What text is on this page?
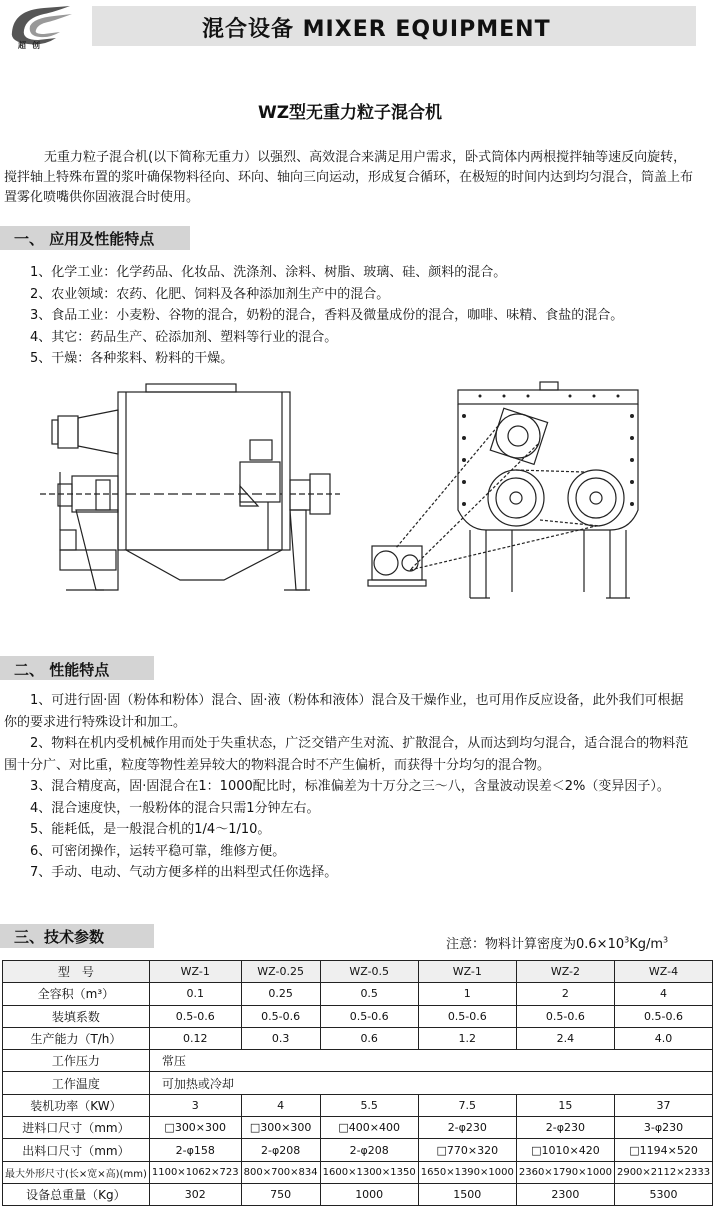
超创
混合设备 MIXER EQUIPMENT
WZ型无重力粒子混合机

无重力粒子混合机(以下简称无重力）以强烈、高效混合来满足用户需求，卧式筒体内两根搅拌轴等速反向旋转，搅拌轴上特殊布置的浆叶确保物料径向、环向、轴向三向运动，形成复合循环，在极短的时间内达到均匀混合，筒盖上布置雾化喷嘴供你固液混合时使用。

一、 应用及性能特点

1、化学工业：化学药品、化妆品、洗涤剂、涂料、树脂、玻璃、硅、颜料的混合。

2、农业领域：农药、化肥、饲料及各种添加剂生产中的混合。

3、食品工业：小麦粉、谷物的混合，奶粉的混合，香料及微量成份的混合，咖啡、味精、食盐的混合。

4、其它：药品生产、砼添加剂、塑料等行业的混合。

5、干燥：各种浆料、粉料的干燥。

二、 性能特点

1、可进行固·固（粉体和粉体）混合、固·液（粉体和液体）混合及干燥作业，也可用作反应设备，此外我们可根据你的要求进行特殊设计和加工。

2、物料在机内受机械作用而处于失重状态，广泛交错产生对流、扩散混合，从而达到均匀混合，适合混合的物料范围十分广、对比重，粒度等物性差异较大的物料混合时不产生偏析，而获得十分均匀的混合物。

3、混合精度高，固·固混合在1：1000配比时，标准偏差为十万分之三～八，含量波动误差＜2%（变异因子）。

4、混合速度快，一般粉体的混合只需1分钟左右。

5、能耗低，是一般混合机的1/4～1/10。

6、可密闭操作，运转平稳可靠，维修方便。

7、手动、电动、气动方便多样的出料型式任你选择。

三、技术参数	注意：物料计算密度为$0.6\times 10^3Kg/m^3$
型　号	WZ-1	WZ-0.25	WZ-0.5	WZ-1	WZ-2	WZ-4
全容积（m³）	0.1	0.25	0.5	1	2	4
装填系数	0.5-0.6	0.5-0.6	0.5-0.6	0.5-0.6	0.5-0.6	0.5-0.6
生产能力（T/h）	0.12	0.3	0.6	1.2	2.4	4.0
工作压力	常压					
工作温度	可加热或冷却					
装机功率（KW）	3	4	5.5	7.5	15	37
进料口尺寸（mm）	□300×300	□300×300	□400×400	2-φ230	2-φ230	3-φ230
出料口尺寸（mm）	2-φ158	2-φ208	2-φ208	□770×320	□1010×420	□1194×520
最大外形尺寸(长×宽×高)(mm)	1100×1062×723	800×700×834	1600×1300×1350	1650×1390×1000	2360×1790×1000	2900×2112×2333
设备总重量（Kg）	302	750	1000	1500	2300	5300
